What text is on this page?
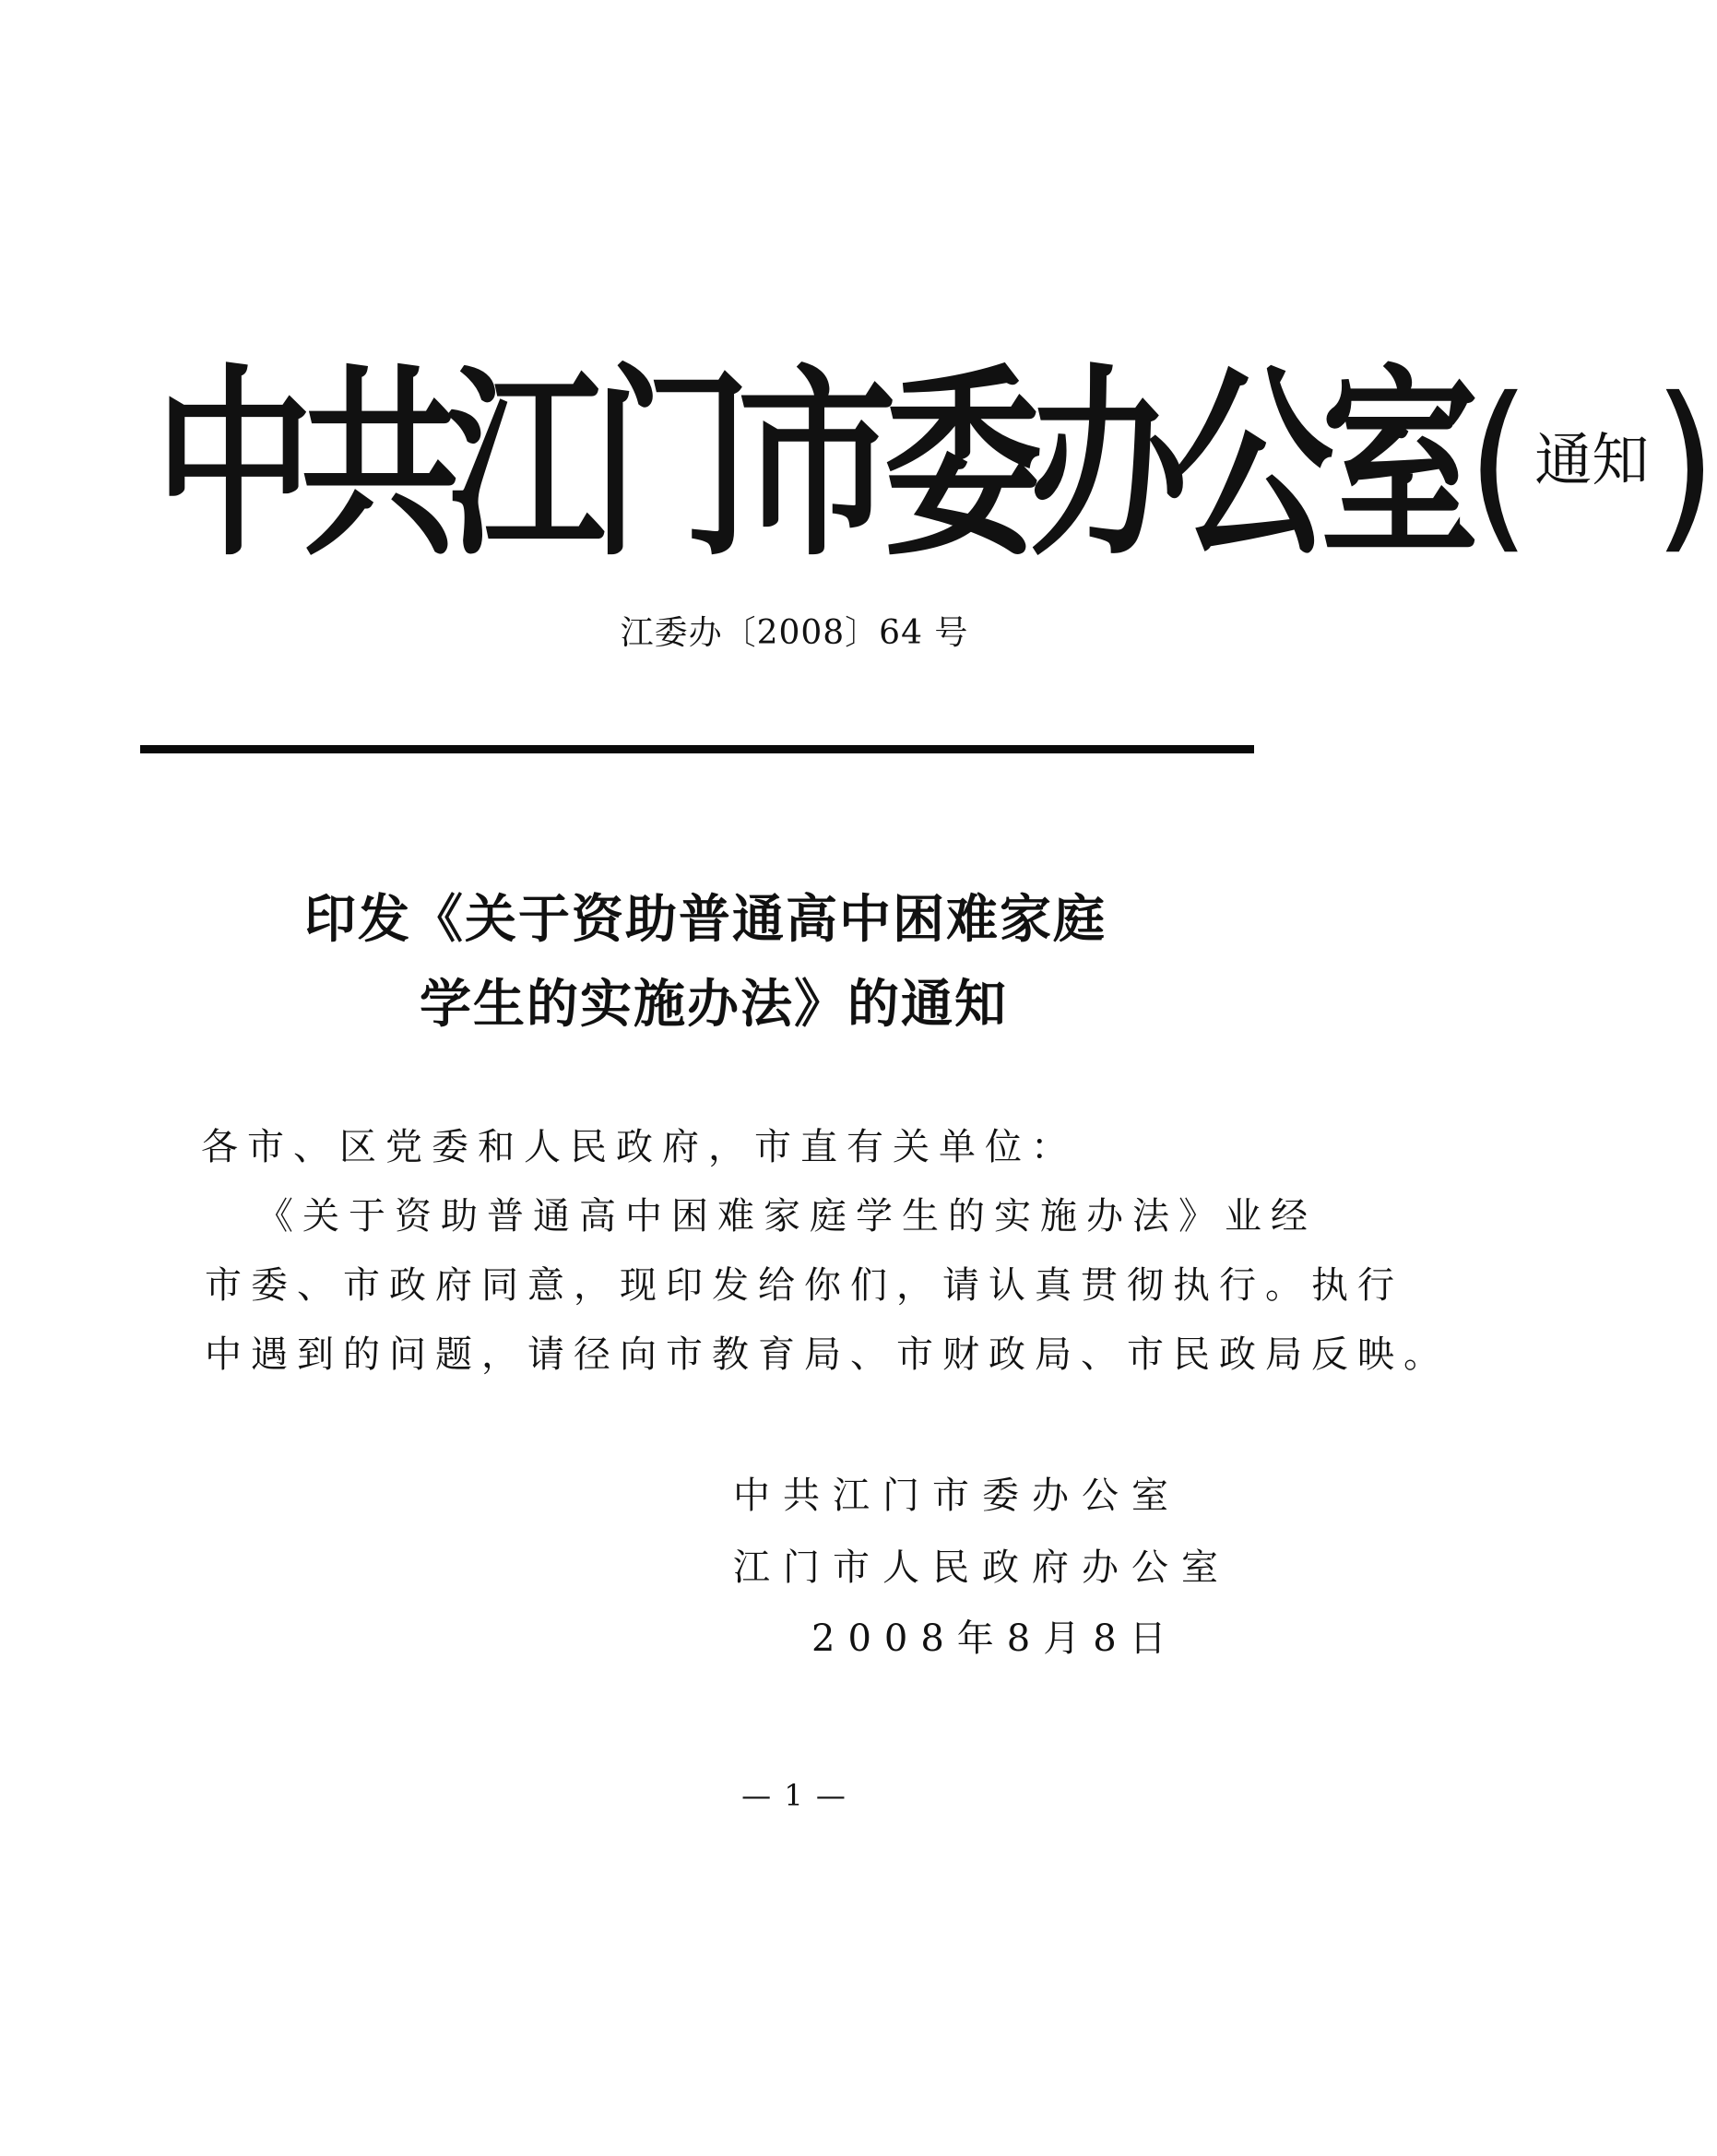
中共江门市委办公室 ( 通知 )
江委办〔2008〕64 号
印发《关于资助普通高中困难家庭
学生的实施办法》的通知
各市、区党委和人民政府，市直有关单位：
《关于资助普通高中困难家庭学生的实施办法》业经
市委、市政府同意，现印发给你们，请认真贯彻执行。执行
中遇到的问题，请径向市教育局、市财政局、市民政局反映。
中共江门市委办公室
江门市人民政府办公室
2008年8月8日
— 1 —
